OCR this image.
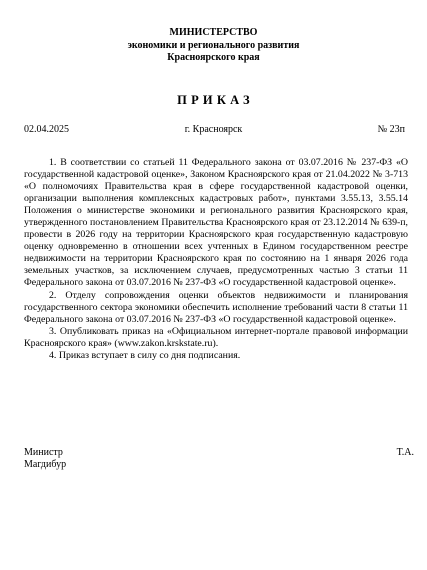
МИНИСТЕРСТВО
экономики и регионального развития
Красноярского края
ПРИКАЗ
02.04.2025	г. Красноярск	№ 23п

1. В соответствии со статьей 11 Федерального закона от 03.07.2016 № 237-ФЗ «О государственной кадастровой оценке», Законом Красноярского края от 21.04.2022 № 3-713 «О полномочиях Правительства края в сфере государственной кадастровой оценки, организации выполнения комплексных кадастровых работ», пунктами 3.55.13, 3.55.14 Положения о министерстве экономики и регионального развития Красноярского края, утвержденного постановлением Правительства Красноярского края от 23.12.2014 № 639-п, провести в 2026 году на территории Красноярского края государственную кадастровую оценку одновременно в отношении всех учтенных в Едином государственном реестре недвижимости на территории Красноярского края по состоянию на 1 января 2026 года земельных участков, за исключением случаев, предусмотренных частью 3 статьи 11 Федерального закона от 03.07.2016 № 237-ФЗ «О государственной кадастровой оценке».

2. Отделу сопровождения оценки объектов недвижимости и планирования государственного сектора экономики обеспечить исполнение требований части 8 статьи 11 Федерального закона от 03.07.2016 № 237-ФЗ «О государственной кадастровой оценке».

3. Опубликовать приказ на «Официальном интернет-портале правовой информации Красноярского края» (www.zakon.krskstate.ru).

4. Приказ вступает в силу со дня подписания.

Министр	Т.А.
Магдибур
